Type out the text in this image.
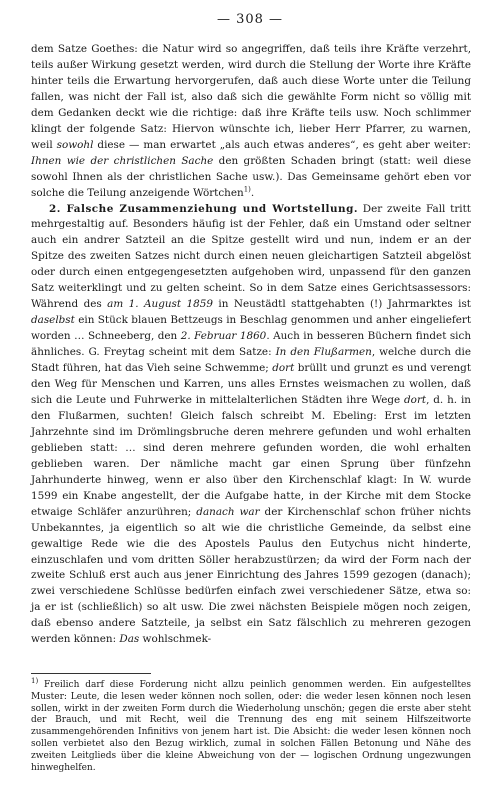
— 308 —

dem Satze Goethes: die Natur wird so angegriffen, daß teils ihre Kräfte verzehrt, teils außer Wirkung gesetzt werden, wird durch die Stellung der Worte ihre Kräfte hinter teils die Erwartung hervorgerufen, daß auch diese Worte unter die Teilung fallen, was nicht der Fall ist, also daß sich die gewählte Form nicht so völlig mit dem Gedanken deckt wie die richtige: daß ihre Kräfte teils usw. Noch schlimmer klingt der folgende Satz: Hiervon wünschte ich, lieber Herr Pfarrer, zu warnen, weil sowohl diese — man erwartet „als auch etwas anderes“, es geht aber weiter: Ihnen wie der christlichen Sache den größten Schaden bringt (statt: weil diese sowohl Ihnen als der christlichen Sache usw.). Das Gemeinsame gehört eben vor solche die Teilung anzeigende Wörtchen$^{1)}$.

2. Falsche Zusammenziehung und Wortstellung. Der zweite Fall tritt mehrgestaltig auf. Besonders häufig ist der Fehler, daß ein Umstand oder seltner auch ein andrer Satzteil an die Spitze gestellt wird und nun, indem er an der Spitze des zweiten Satzes nicht durch einen neuen gleichartigen Satzteil abgelöst oder durch einen entgegengesetzten aufgehoben wird, unpassend für den ganzen Satz weiterklingt und zu gelten scheint. So in dem Satze eines Gerichtsassessors: Während des am 1. August 1859 in Neustädtl stattgehabten (!) Jahrmarktes ist daselbst ein Stück blauen Bettzeugs in Beschlag genommen und anher eingeliefert worden … Schneeberg, den 2. Februar 1860. Auch in besseren Büchern findet sich ähnliches. G. Freytag scheint mit dem Satze: In den Flußarmen, welche durch die Stadt führen, hat das Vieh seine Schwemme; dort brüllt und grunzt es und verengt den Weg für Menschen und Karren, uns alles Ernstes weismachen zu wollen, daß sich die Leute und Fuhrwerke in mittelalterlichen Städten ihre Wege dort, d. h. in den Flußarmen, suchten! Gleich falsch schreibt M. Ebeling: Erst im letzten Jahrzehnte sind im Drömlingsbruche deren mehrere gefunden und wohl erhalten geblieben statt: … sind deren mehrere gefunden worden, die wohl erhalten geblieben waren. Der nämliche macht gar einen Sprung über fünfzehn Jahrhunderte hinweg, wenn er also über den Kirchenschlaf klagt: In W. wurde 1599 ein Knabe angestellt, der die Aufgabe hatte, in der Kirche mit dem Stocke etwaige Schläfer anzurühren; danach war der Kirchenschlaf schon früher nichts Unbekanntes, ja eigentlich so alt wie die christliche Gemeinde, da selbst eine gewaltige Rede wie die des Apostels Paulus den Eutychus nicht hinderte, einzuschlafen und vom dritten Söller herabzustürzen; da wird der Form nach der zweite Schluß erst auch aus jener Einrichtung des Jahres 1599 gezogen (danach); zwei verschiedene Schlüsse bedürfen einfach zwei verschiedener Sätze, etwa so: ja er ist (schließlich) so alt usw. Die zwei nächsten Beispiele mögen noch zeigen, daß ebenso andere Satzteile, ja selbst ein Satz fälschlich zu mehreren gezogen werden können: Das wohlschmek-

$^{1)}$ Freilich darf diese Forderung nicht allzu peinlich genommen werden. Ein aufgestelltes Muster: Leute, die lesen weder können noch sollen, oder: die weder lesen können noch lesen sollen, wirkt in der zweiten Form durch die Wiederholung unschön; gegen die erste aber steht der Brauch, und mit Recht, weil die Trennung des eng mit seinem Hilfszeitworte zusammengehörenden Infinitivs von jenem hart ist. Die Absicht: die weder lesen können noch sollen verbietet also den Bezug wirklich, zumal in solchen Fällen Betonung und Nähe des zweiten Leitglieds über die kleine Abweichung von der — logischen Ordnung ungezwungen hinweghelfen.
